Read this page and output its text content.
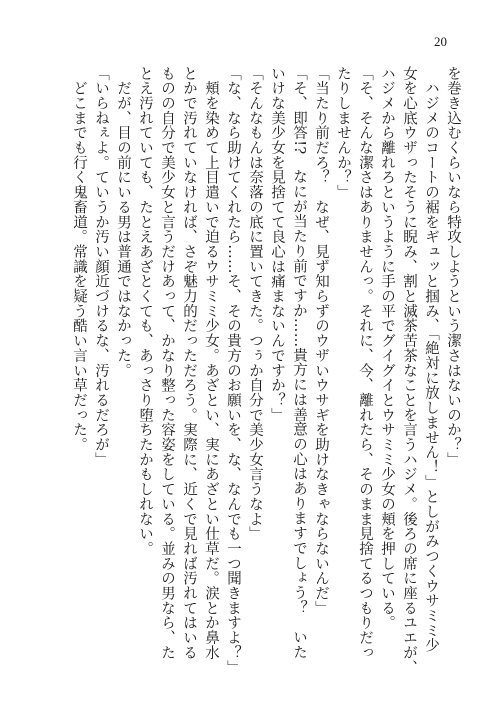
20
を巻き込むくらいなら特攻しようという潔さはないのか？」
　ハジメのコートの裾をギュッと掴み、「絶対に放しません！」としがみつくウサミミ少
女を心底ウザったそうに睨み、割と滅茶苦茶なことを言うハジメ。後ろの席に座るユエが、
ハジメから離れろというように手の平でグイグイとウサミミ少女の頬を押している。
「そ、そんな潔さはありませんっ。それに、今、離れたら、そのまま見捨てるつもりだっ
たりしませんか？」
「当たり前だろ？　なぜ、見ず知らずのウザいウサギを助けなきゃならないんだ」
「そ、即答!?　なにが当たり前ですか……貴方には善意の心はありますでしょう？　いた
いけな美少女を見捨てて良心は痛まないんですか？」
「そんなもんは奈落の底に置いてきた。つぅか自分で美少女言うなよ」
「な、なら助けてくれたら……そ、その貴方のお願いを、な、なんでも一つ聞きますよ？」
　頬を染めて上目遣いで迫るウサミミ少女。あざとい、実にあざとい仕草だ。涙とか鼻水
とかで汚れていなければ、さぞ魅力的だっただろう。実際に、近くで見れば汚れてはいる
ものの自分で美少女と言うだけあって、かなり整った容姿をしている。並みの男なら、た
とえ汚れていても、たとえあざとくても、あっさり堕ちたかもしれない。
　だが、目の前にいる男は普通ではなかった。
「いらねぇよ。ていうか汚い顔近づけるな、汚れるだろが」
　どこまでも行く鬼畜道。常識を疑う酷い言い草だった。
